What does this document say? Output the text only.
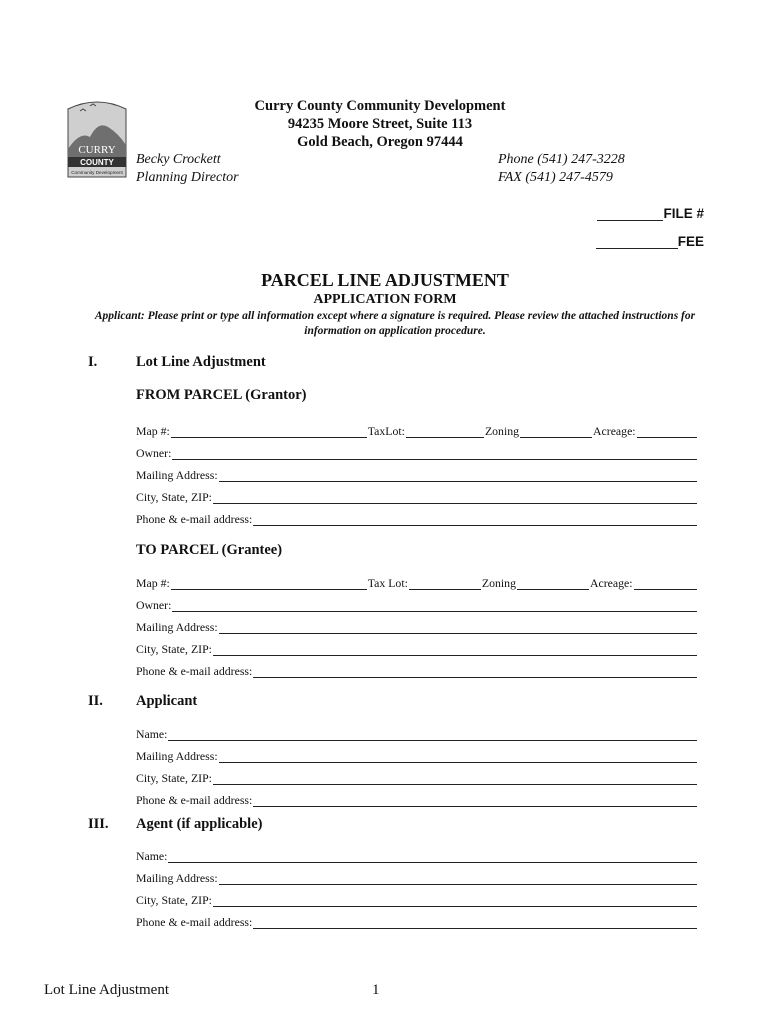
CURRY
COUNTY
Community Development
Curry County Community Development
94235 Moore Street, Suite 113
Gold Beach, Oregon 97444
Becky Crockett
Planning Director
Phone (541) 247-3228
FAX (541) 247-4579
FILE #
FEE
PARCEL LINE ADJUSTMENT
APPLICATION FORM
Applicant: Please print or type all information except where a signature is required. Please review the attached instructions for information on application procedure.
I.	Lot Line Adjustment
FROM PARCEL (Grantor)
Map #:	TaxLot:	Zoning	Acreage:
Owner:
Mailing Address:
City, State, ZIP:
Phone & e-mail address:
TO PARCEL (Grantee)
Map #:	Tax Lot:	Zoning	Acreage:
Owner:
Mailing Address:
City, State, ZIP:
Phone & e-mail address:
II. Applicant
Name:
Mailing Address:
City, State, ZIP:
Phone & e-mail address:
III. Agent (if applicable)
Name:
Mailing Address:
City, State, ZIP:
Phone & e-mail address:
Lot Line Adjustment	1
